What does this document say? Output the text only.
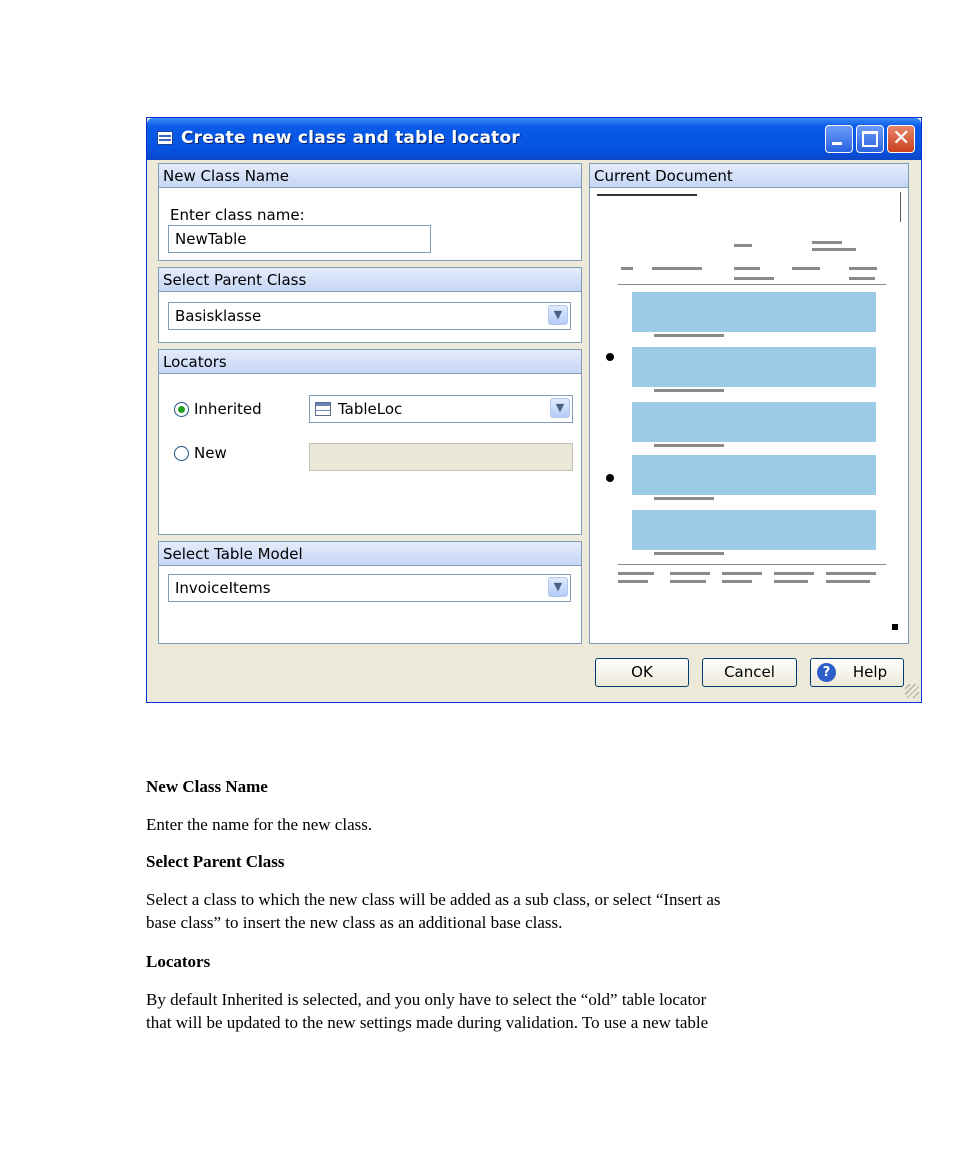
Create new class and table locator	✕
New Class Name
Enter class name:
NewTable
Select Parent Class
Basisklasse	▼
Locators
Inherited	TableLoc	▼
New
Select Table Model
InvoiceItems	▼
Current Document
OK	Cancel	?	Help
New Class Name
Enter the name for the new class.
Select Parent Class
Select a class to which the new class will be added as a sub class, or select “Insert as
base class” to insert the new class as an additional base class.
Locators
By default Inherited is selected, and you only have to select the “old” table locator
that will be updated to the new settings made during validation. To use a new table
